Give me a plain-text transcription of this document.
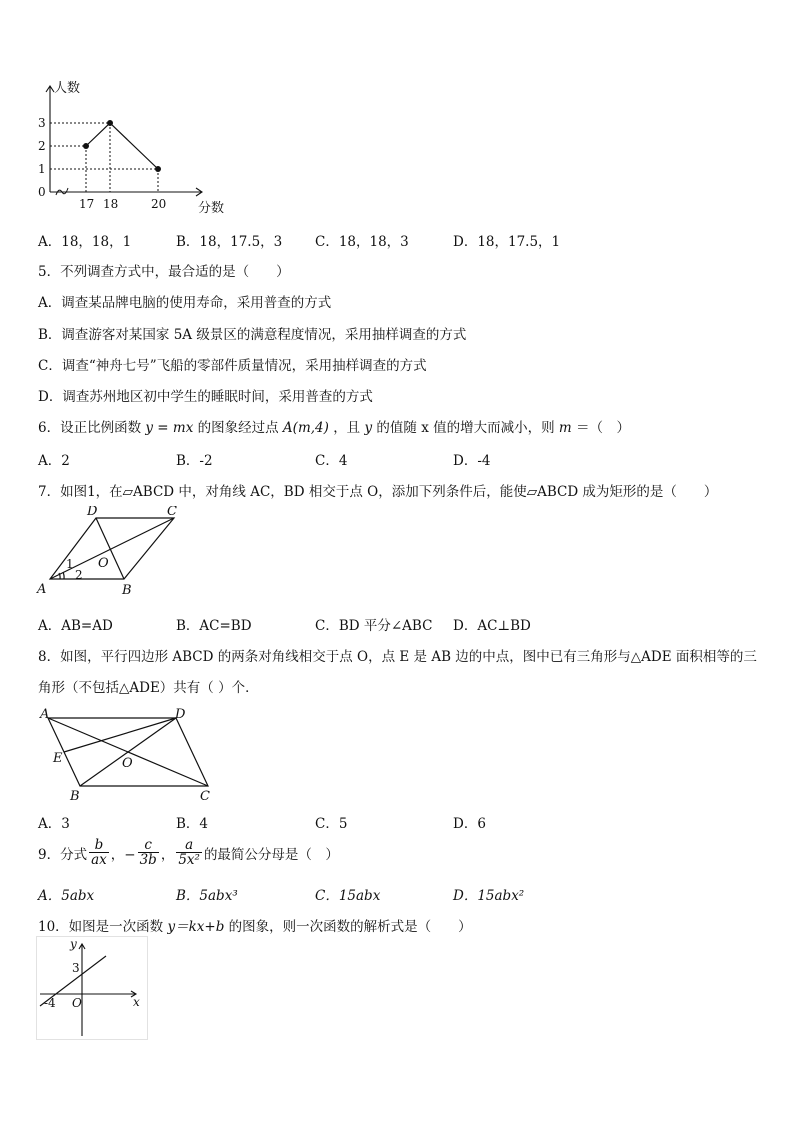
0
1
2
3
17 18	20
人数
分数
A．18，18，1	B．18，17.5，3 C．18，18，3	D．18，17.5，1
5．不列调查方式中，最合适的是（　　）
A．调查某品牌电脑的使用寿命，采用普查的方式
B．调查游客对某国家 5A 级景区的满意程度情况，采用抽样调查的方式
C．调查“神舟七号”飞船的零部件质量情况，采用抽样调查的方式
D．调查苏州地区初中学生的睡眠时间，采用普查的方式
6．设正比例函数 y = mx 的图象经过点 A(m,4) ，且 y 的值随 x 值的增大而减小，则 m ＝（　）
A．2	B．-2	C．4	D．-4
7．如图1，在▱ABCD 中，对角线 AC，BD 相交于点 O，添加下列条件后，能使▱ABCD 成为矩形的是（　　）
A	B
C
D
O
1
2
A．AB=AD	B．AC=BD	C．BD 平分∠ABC D．AC⊥BD
8．如图，平行四边形 ABCD 的两条对角线相交于点 O，点 E 是 AB 边的中点，图中已有三角形与△ADE 面积相等的三
角形（不包括△ADE）共有（ ）个．
A
B	C
D
E	O
A．3	B．4	C．5	D．6
9．分式 $\frac{b}{ax}$ ，− $\frac{c}{3b}$ ， $\frac{a}{\text{5x²}}$ 的最简公分母是（　）
A．5abx	B．5abx³	C．15abx	D．15abx²
10．如图是一次函数 y＝kx+b 的图象，则一次函数的解析式是（　　）
y
x
O
3
-4
